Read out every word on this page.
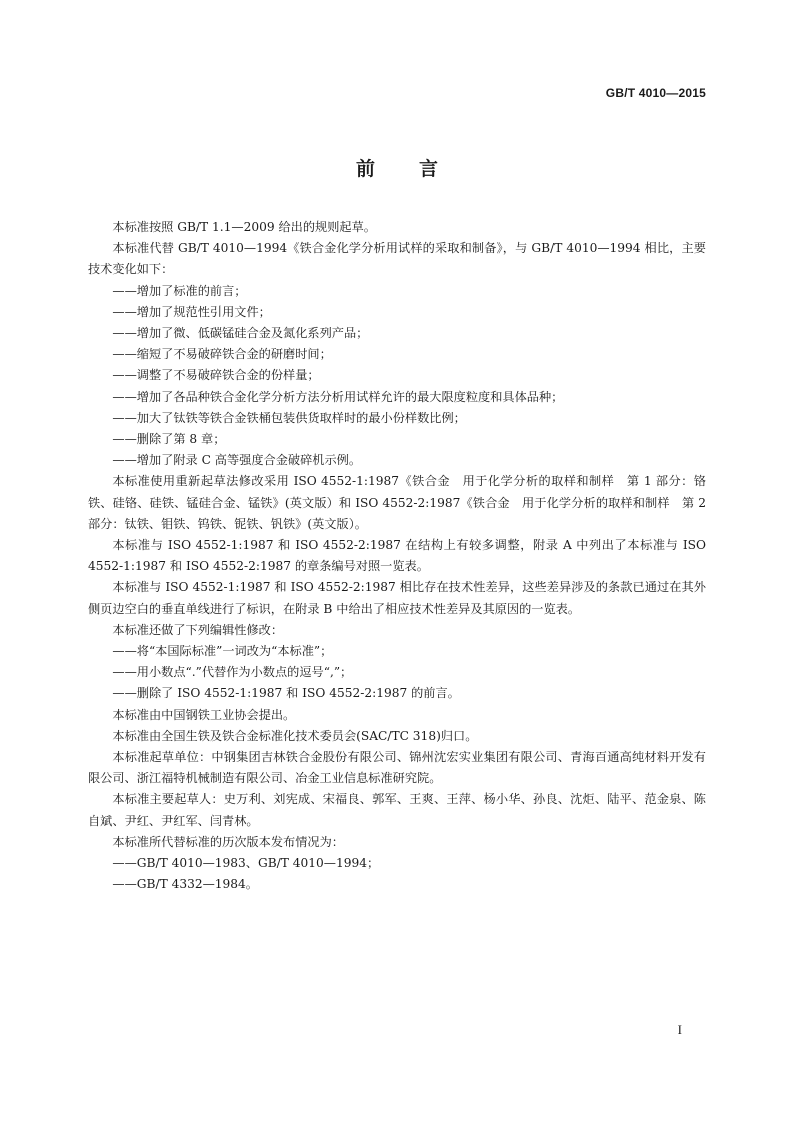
GB/T 4010—2015
前言

本标准按照 GB/T 1.1—2009 给出的规则起草。

本标准代替 GB/T 4010—1994《铁合金化学分析用试样的采取和制备》，与 GB/T 4010—1994 相比，主要技术变化如下：

——增加了标准的前言；

——增加了规范性引用文件；

——增加了微、低碳锰硅合金及氮化系列产品；

——缩短了不易破碎铁合金的研磨时间；

——调整了不易破碎铁合金的份样量；

——增加了各品种铁合金化学分析方法分析用试样允许的最大限度粒度和具体品种；

——加大了钛铁等铁合金铁桶包装供货取样时的最小份样数比例；

——删除了第 8 章；

——增加了附录 C 高等强度合金破碎机示例。

本标准使用重新起草法修改采用 ISO 4552-1:1987《铁合金　用于化学分析的取样和制样　第 1 部分：铬铁、硅铬、硅铁、锰硅合金、锰铁》(英文版）和 ISO 4552-2:1987《铁合金　用于化学分析的取样和制样　第 2 部分：钛铁、钼铁、钨铁、铌铁、钒铁》(英文版）。

本标准与 ISO 4552-1:1987 和 ISO 4552-2:1987 在结构上有较多调整，附录 A 中列出了本标准与 ISO 4552-1:1987 和 ISO 4552-2:1987 的章条编号对照一览表。

本标准与 ISO 4552-1:1987 和 ISO 4552-2:1987 相比存在技术性差异，这些差异涉及的条款已通过在其外侧页边空白的垂直单线进行了标识，在附录 B 中给出了相应技术性差异及其原因的一览表。

本标准还做了下列编辑性修改：

——将“本国际标准”一词改为“本标准”；

——用小数点“.”代替作为小数点的逗号“,”；

——删除了 ISO 4552-1:1987 和 ISO 4552-2:1987 的前言。

本标准由中国钢铁工业协会提出。

本标准由全国生铁及铁合金标准化技术委员会(SAC/TC 318)归口。

本标准起草单位：中钢集团吉林铁合金股份有限公司、锦州沈宏实业集团有限公司、青海百通高纯材料开发有限公司、浙江福特机械制造有限公司、冶金工业信息标准研究院。

本标准主要起草人：史万利、刘宪成、宋福良、郭军、王爽、王萍、杨小华、孙良、沈炬、陆平、范金泉、陈自斌、尹红、尹红军、闫青林。

本标准所代替标准的历次版本发布情况为：

——GB/T 4010—1983、GB/T 4010—1994；

——GB/T 4332—1984。

I
